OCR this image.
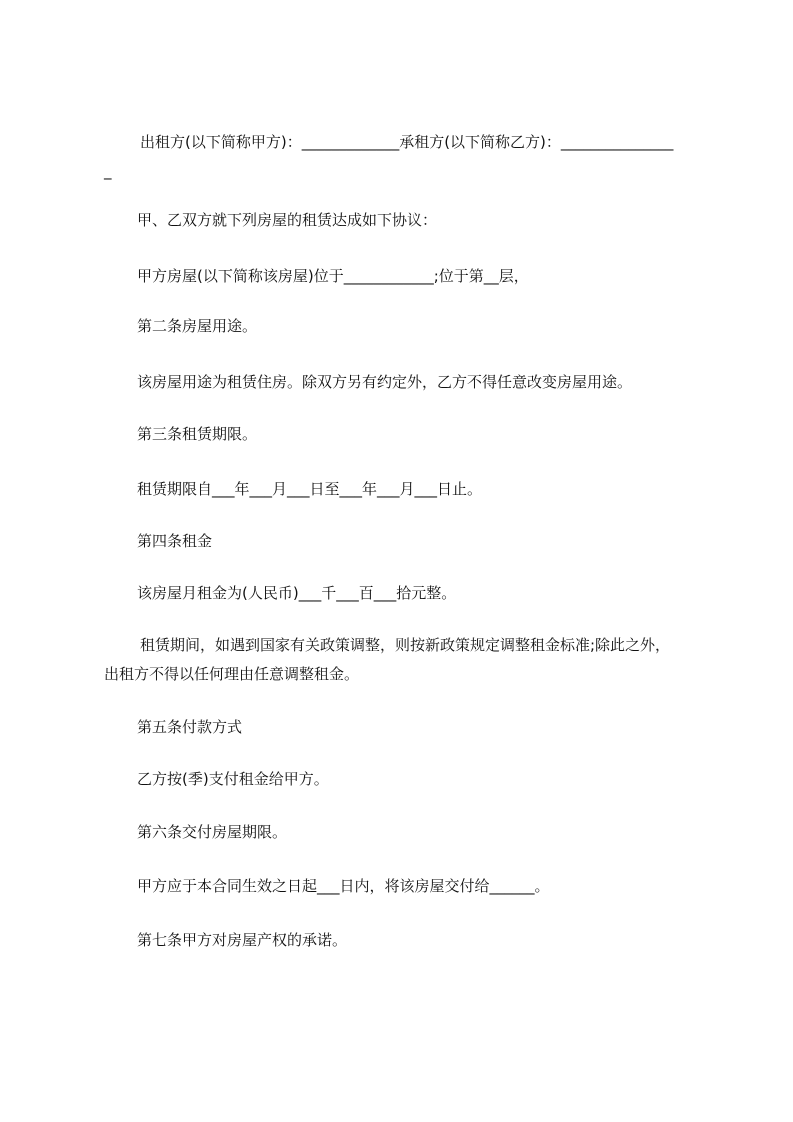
出租方(以下简称甲方)：_____________承租方(以下简称乙方)：_______________
_
甲、乙双方就下列房屋的租赁达成如下协议：
甲方房屋(以下简称该房屋)位于____________;位于第__层，
第二条房屋用途。
该房屋用途为租赁住房。除双方另有约定外，乙方不得任意改变房屋用途。
第三条租赁期限。
租赁期限自___年___月___日至___年___月___日止。
第四条租金
该房屋月租金为(人民币)___千___百___拾元整。
租赁期间，如遇到国家有关政策调整，则按新政策规定调整租金标准;除此之外，
出租方不得以任何理由任意调整租金。
第五条付款方式
乙方按(季)支付租金给甲方。
第六条交付房屋期限。
甲方应于本合同生效之日起___日内，将该房屋交付给______。
第七条甲方对房屋产权的承诺。
